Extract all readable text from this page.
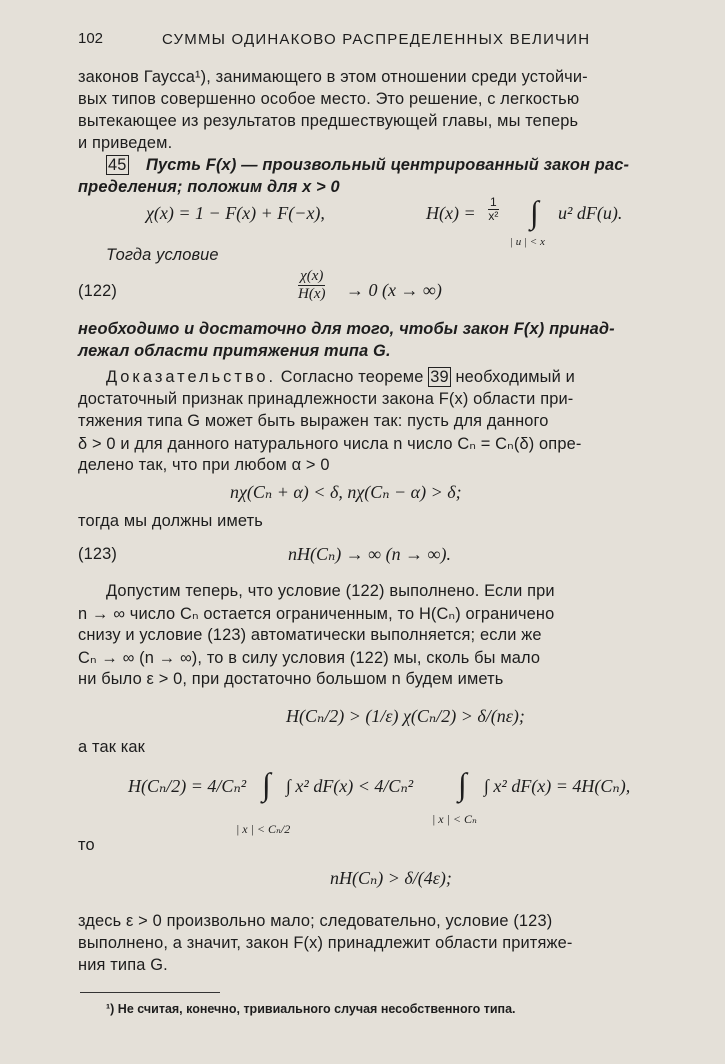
102	СУММЫ ОДИНАКОВО РАСПРЕДЕЛЕННЫХ ВЕЛИЧИН
законов Гаусса¹), занимающего в этом отношении среди устойчи-
вых типов совершенно особое место. Это решение, с легкостью
вытекающее из результатов предшествующей главы, мы теперь
и приведем.
45 Пусть F(x) — произвольный центрированный закон рас-
пределения; положим для x > 0
χ(x) = 1 − F(x) + F(−x),	$H(x) = \frac{1}{\text{x²}}$ ∫ u² dF(u).
| u | < x
Тогда условие
(122)	$\frac{\chi(x)}{H(x)} \to 0$ (x → ∞)
необходимо и достаточно для того, чтобы закон F(x) принад-
лежал области притяжения типа G.
Доказательство. Согласно теореме 39 необходимый и
достаточный признак принадлежности закона F(x) области при-
тяжения типа G может быть выражен так: пусть для данного
δ > 0 и для данного натурального числа n число Cₙ = Cₙ(δ) опре-
делено так, что при любом α > 0
nχ(Cₙ + α) < δ, nχ(Cₙ − α) > δ;
тогда мы должны иметь
(123)	nH(Cₙ) → ∞ (n → ∞).
Допустим теперь, что условие (122) выполнено. Если при
n → ∞ число Cₙ остается ограниченным, то H(Cₙ) ограничено
снизу и условие (123) автоматически выполняется; если же
Cₙ → ∞ (n → ∞), то в силу условия (122) мы, сколь бы мало
ни было ε > 0, при достаточно большом n будем иметь
H(Cₙ/2) > (1/ε) χ(Cₙ/2) > δ/(nε);
а так как
H(Cₙ/2) = 4/Cₙ² ∫ ∫ x² dF(x) < 4/Cₙ² ∫ ∫ x² dF(x) = 4H(Cₙ),
| x | < Cₙ/2
| x | < Cₙ
то
nH(Cₙ) > δ/(4ε);
здесь ε > 0 произвольно мало; следовательно, условие (123)
выполнено, а значит, закон F(x) принадлежит области притяже-
ния типа G.
¹) Не считая, конечно, тривиального случая несобственного типа.
